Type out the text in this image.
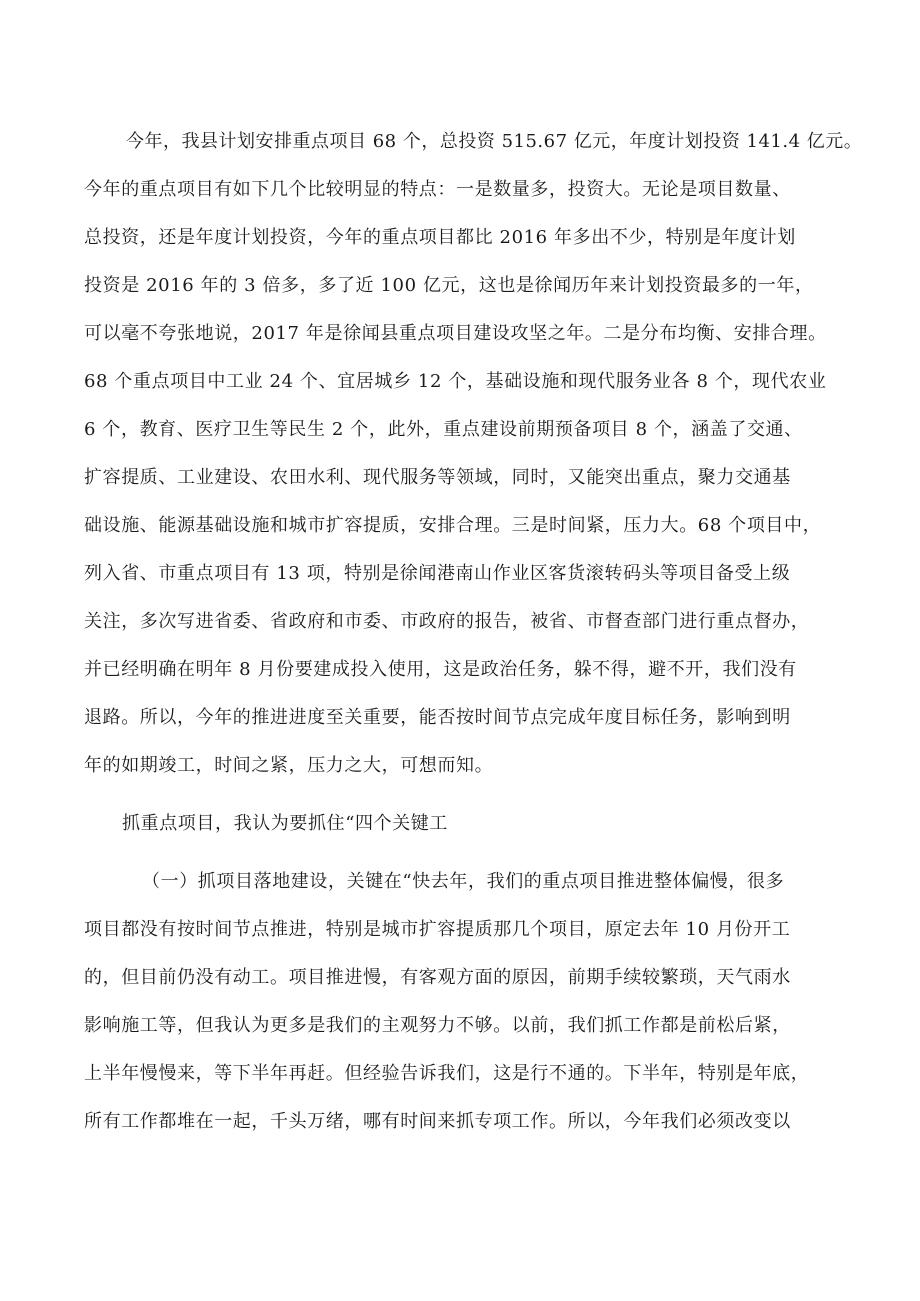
今年，我县计划安排重点项目 68 个，总投资 515.67 亿元，年度计划投资 141.4 亿元。
今年的重点项目有如下几个比较明显的特点：一是数量多，投资大。无论是项目数量、
总投资，还是年度计划投资，今年的重点项目都比 2016 年多出不少，特别是年度计划
投资是 2016 年的 3 倍多，多了近 100 亿元，这也是徐闻历年来计划投资最多的一年，
可以毫不夸张地说，2017 年是徐闻县重点项目建设攻坚之年。二是分布均衡、安排合理。
68 个重点项目中工业 24 个、宜居城乡 12 个，基础设施和现代服务业各 8 个，现代农业
6 个，教育、医疗卫生等民生 2 个，此外，重点建设前期预备项目 8 个，涵盖了交通、
扩容提质、工业建设、农田水利、现代服务等领域，同时，又能突出重点，聚力交通基
础设施、能源基础设施和城市扩容提质，安排合理。三是时间紧，压力大。68 个项目中，
列入省、市重点项目有 13 项，特别是徐闻港南山作业区客货滚转码头等项目备受上级
关注，多次写进省委、省政府和市委、市政府的报告，被省、市督查部门进行重点督办，
并已经明确在明年 8 月份要建成投入使用，这是政治任务，躲不得，避不开，我们没有
退路。所以，今年的推进进度至关重要，能否按时间节点完成年度目标任务，影响到明
年的如期竣工，时间之紧，压力之大，可想而知。
抓重点项目，我认为要抓住“四个关键工
（一）抓项目落地建设，关键在“快去年，我们的重点项目推进整体偏慢，很多
项目都没有按时间节点推进，特别是城市扩容提质那几个项目，原定去年 10 月份开工
的，但目前仍没有动工。项目推进慢，有客观方面的原因，前期手续较繁琐，天气雨水
影响施工等，但我认为更多是我们的主观努力不够。以前，我们抓工作都是前松后紧，
上半年慢慢来，等下半年再赶。但经验告诉我们，这是行不通的。下半年，特别是年底，
所有工作都堆在一起，千头万绪，哪有时间来抓专项工作。所以，今年我们必须改变以
